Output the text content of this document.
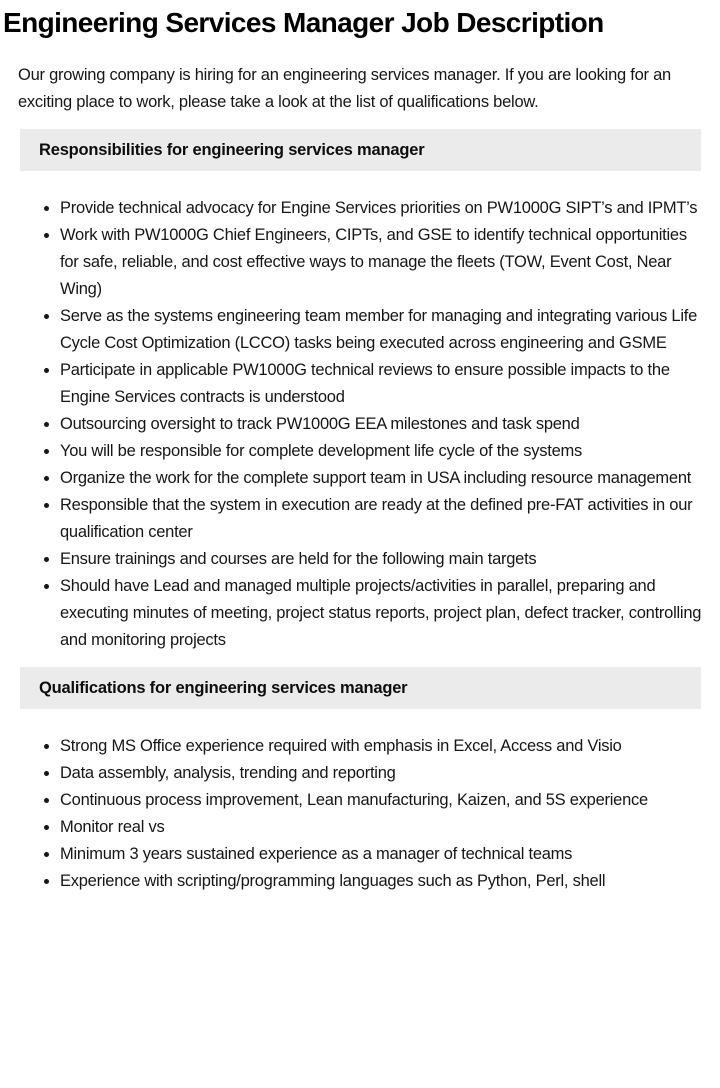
Engineering Services Manager Job Description

Our growing company is hiring for an engineering services manager. If you are looking for an exciting place to work, please take a look at the list of qualifications below.

Responsibilities for engineering services manager
Provide technical advocacy for Engine Services priorities on PW1000G SIPT’s and IPMT’s
Work with PW1000G Chief Engineers, CIPTs, and GSE to identify technical opportunities for safe, reliable, and cost effective ways to manage the fleets (TOW, Event Cost, Near Wing)
Serve as the systems engineering team member for managing and integrating various Life Cycle Cost Optimization (LCCO) tasks being executed across engineering and GSME
Participate in applicable PW1000G technical reviews to ensure possible impacts to the Engine Services contracts is understood
Outsourcing oversight to track PW1000G EEA milestones and task spend
You will be responsible for complete development life cycle of the systems
Organize the work for the complete support team in USA including resource management
Responsible that the system in execution are ready at the defined pre-FAT activities in our qualification center
Ensure trainings and courses are held for the following main targets
Should have Lead and managed multiple projects/activities in parallel, preparing and executing minutes of meeting, project status reports, project plan, defect tracker, controlling and monitoring projects
Qualifications for engineering services manager
Strong MS Office experience required with emphasis in Excel, Access and Visio
Data assembly, analysis, trending and reporting
Continuous process improvement, Lean manufacturing, Kaizen, and 5S experience
Monitor real vs
Minimum 3 years sustained experience as a manager of technical teams
Experience with scripting/programming languages such as Python, Perl, shell
